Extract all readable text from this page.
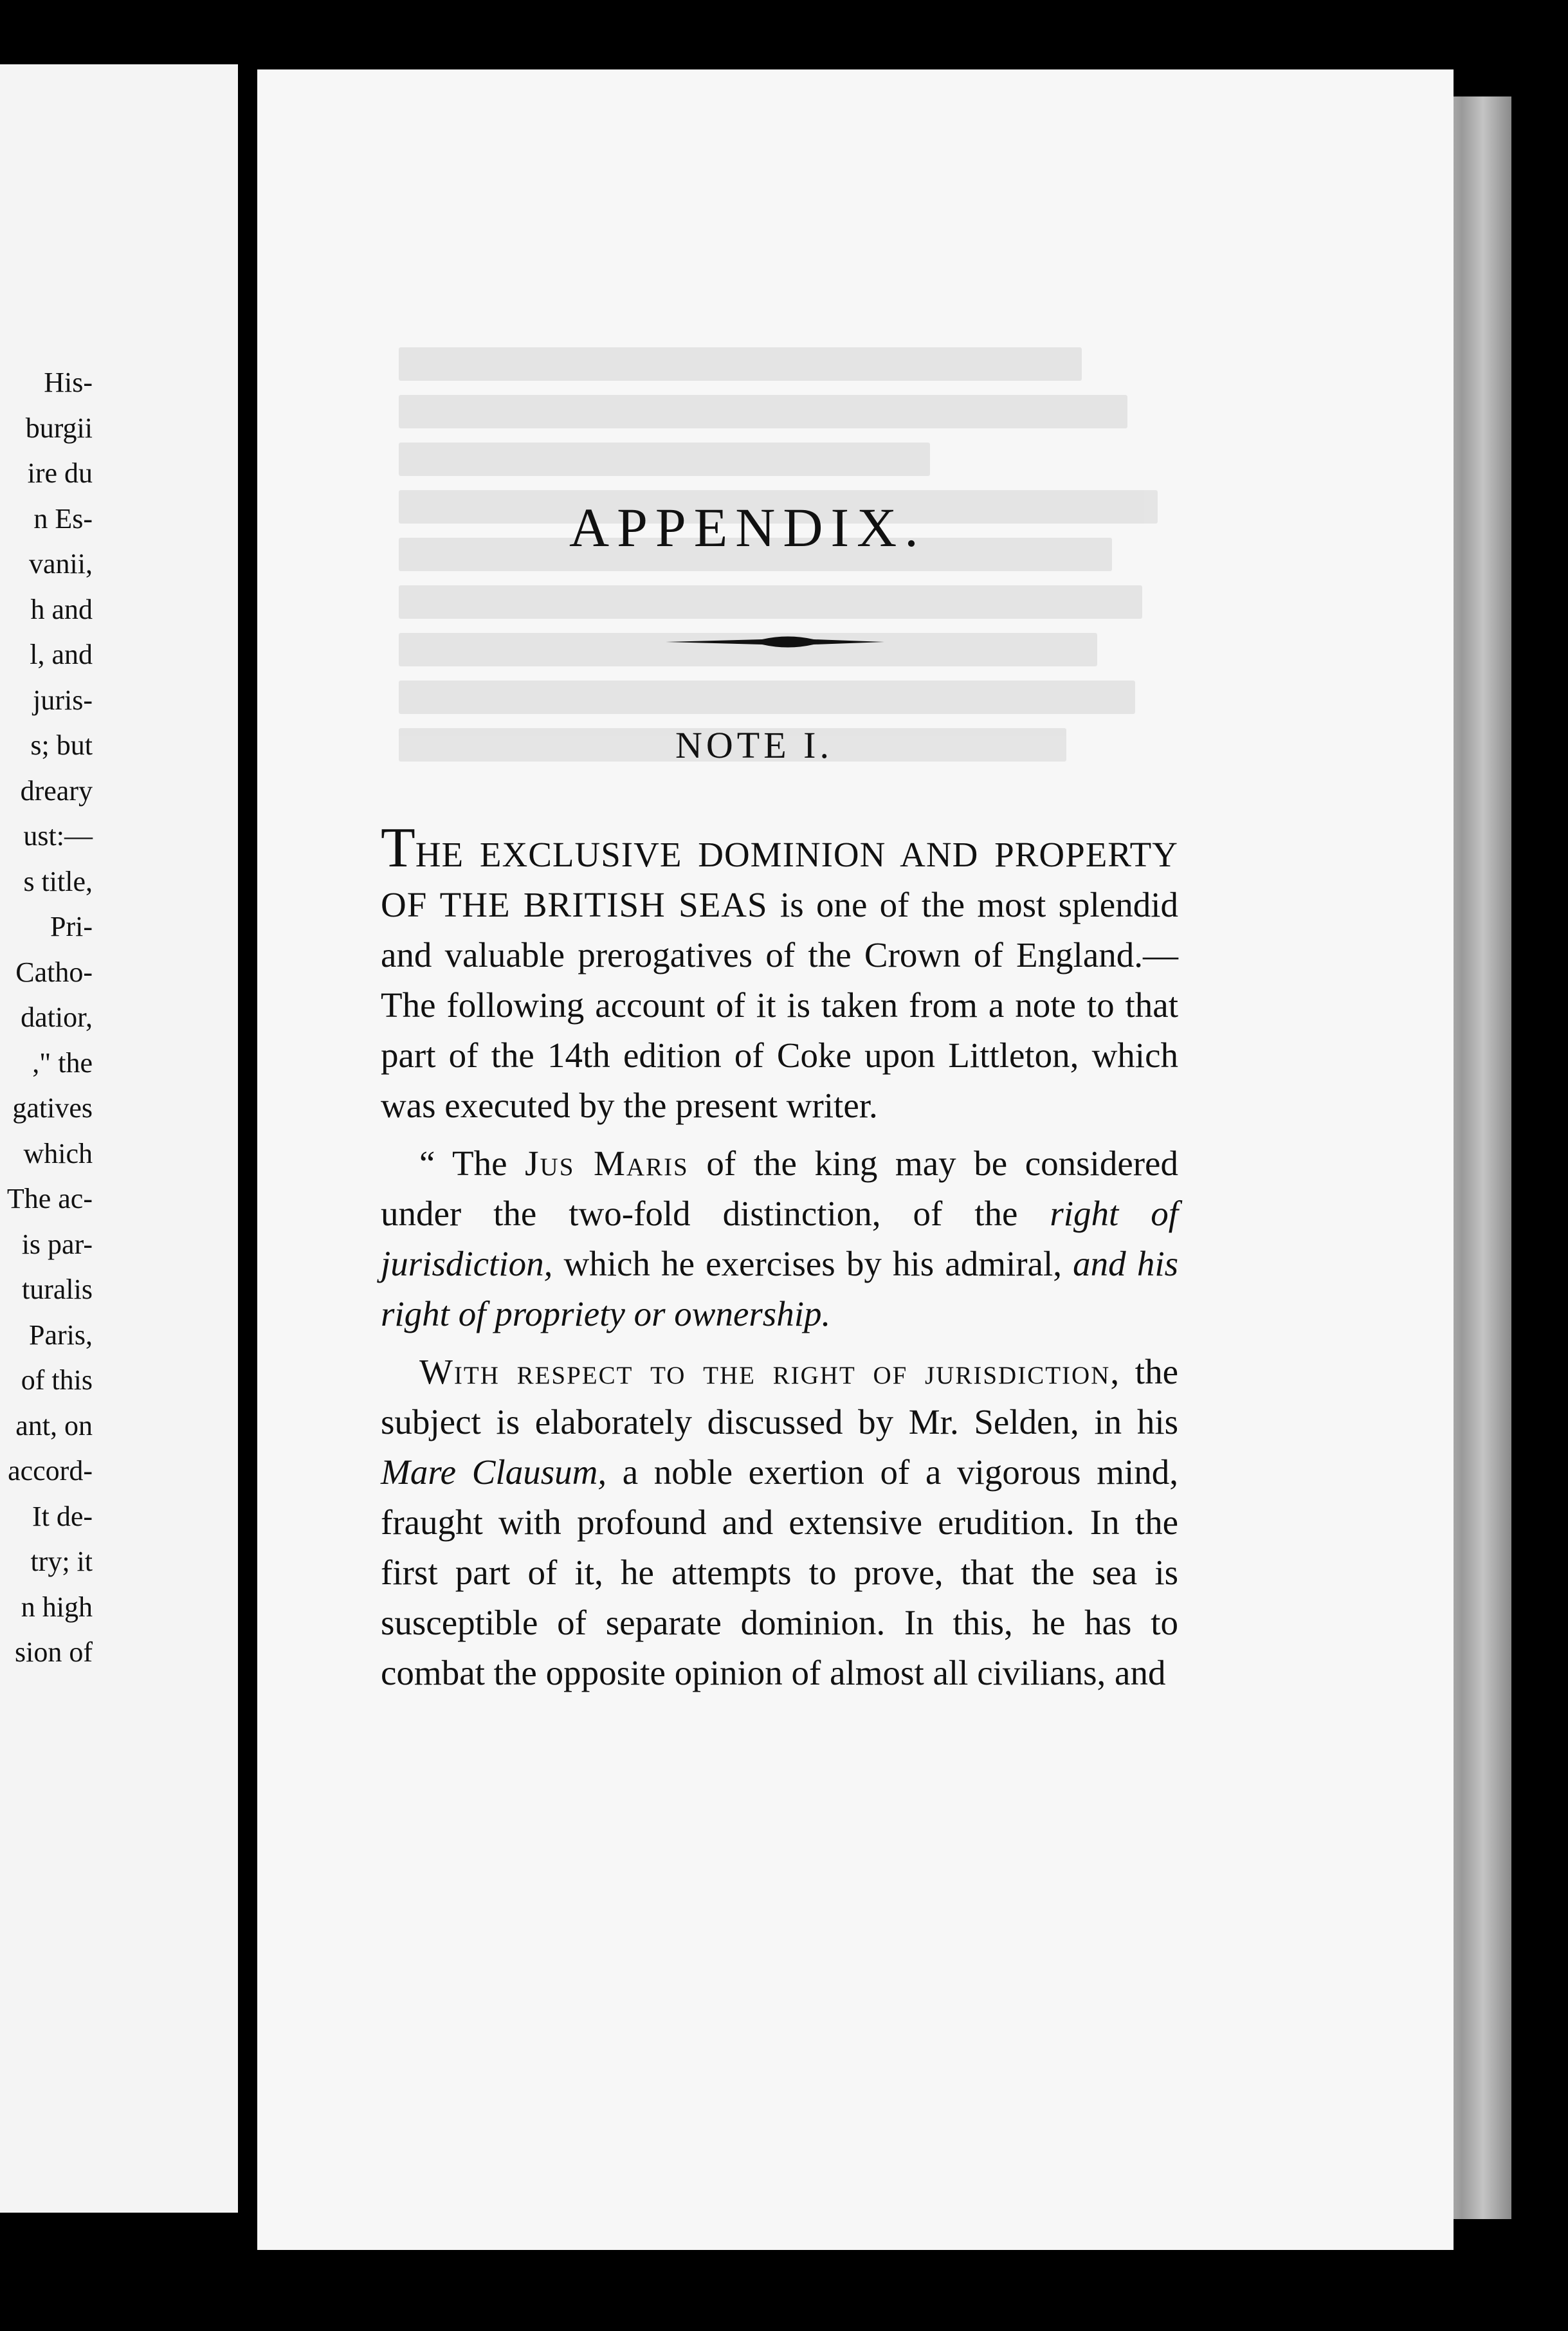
His-
burgii
ire du
n Es-
vanii,
h and
l, and
juris-
s; but
dreary
ust:—
s title,
Pri-
Catho-
datior,
," the
gatives
which
The ac-
is par-
turalis
Paris,
of this
ant, on
accord-
It de-
try; it
n high
sion of
APPENDIX.
NOTE I.

THE EXCLUSIVE DOMINION AND PROPERTY OF THE BRITISH SEAS is one of the most splendid and valuable prerogatives of the Crown of England.—The following account of it is taken from a note to that part of the 14th edition of Coke upon Littleton, which was executed by the present writer.

“ The Jus Maris of the king may be considered under the two-fold distinction, of the right of jurisdiction, which he exercises by his admiral, and his right of propriety or ownership.

With respect to the right of jurisdiction, the subject is elaborately discussed by Mr. Selden, in his Mare Clausum, a noble exertion of a vigorous mind, fraught with profound and extensive erudition. In the first part of it, he attempts to prove, that the sea is susceptible of separate dominion. In this, he has to combat the opposite opinion of almost all civilians, and
